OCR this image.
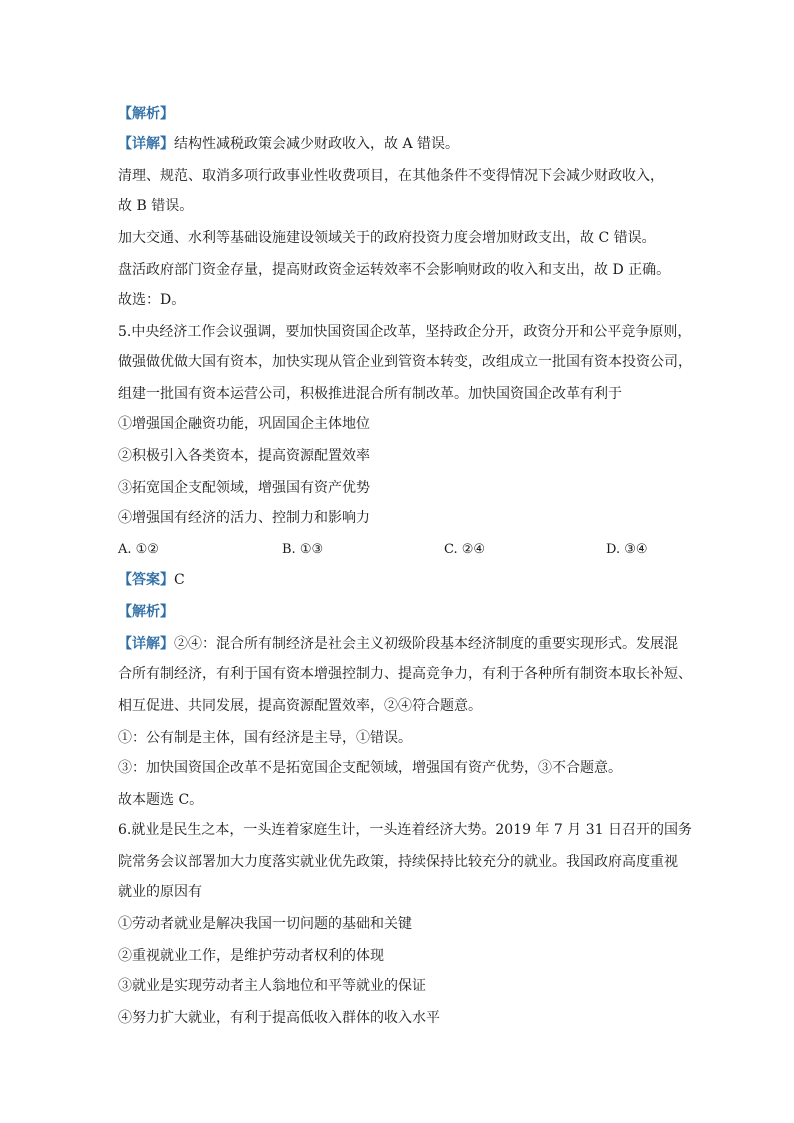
【解析】
【详解】结构性减税政策会减少财政收入，故 A 错误。
清理、规范、取消多项行政事业性收费项目，在其他条件不变得情况下会减少财政收入，
故 B 错误。
加大交通、水利等基础设施建设领域关于的政府投资力度会增加财政支出，故 C 错误。
盘活政府部门资金存量，提高财政资金运转效率不会影响财政的收入和支出，故 D 正确。
故选：D。
5.中央经济工作会议强调，要加快国资国企改革，坚持政企分开，政资分开和公平竞争原则，
做强做优做大国有资本，加快实现从管企业到管资本转变，改组成立一批国有资本投资公司，
组建一批国有资本运营公司，积极推进混合所有制改革。加快国资国企改革有利于
①增强国企融资功能，巩固国企主体地位
②积极引入各类资本，提高资源配置效率
③拓宽国企支配领域，增强国有资产优势
④增强国有经济的活力、控制力和影响力
A. ①②	B. ①③	C. ②④	D. ③④
【答案】C
【解析】
【详解】②④：混合所有制经济是社会主义初级阶段基本经济制度的重要实现形式。发展混
合所有制经济，有利于国有资本增强控制力、提高竞争力，有利于各种所有制资本取长补短、
相互促进、共同发展，提高资源配置效率，②④符合题意。
①：公有制是主体，国有经济是主导，①错误。
③：加快国资国企改革不是拓宽国企支配领域，增强国有资产优势，③不合题意。
故本题选 C。
6.就业是民生之本，一头连着家庭生计，一头连着经济大势。2019 年 7 月 31 日召开的国务
院常务会议部署加大力度落实就业优先政策，持续保持比较充分的就业。我国政府高度重视
就业的原因有
①劳动者就业是解决我国一切问题的基础和关键
②重视就业工作，是维护劳动者权利的体现
③就业是实现劳动者主人翁地位和平等就业的保证
④努力扩大就业，有利于提高低收入群体的收入水平
